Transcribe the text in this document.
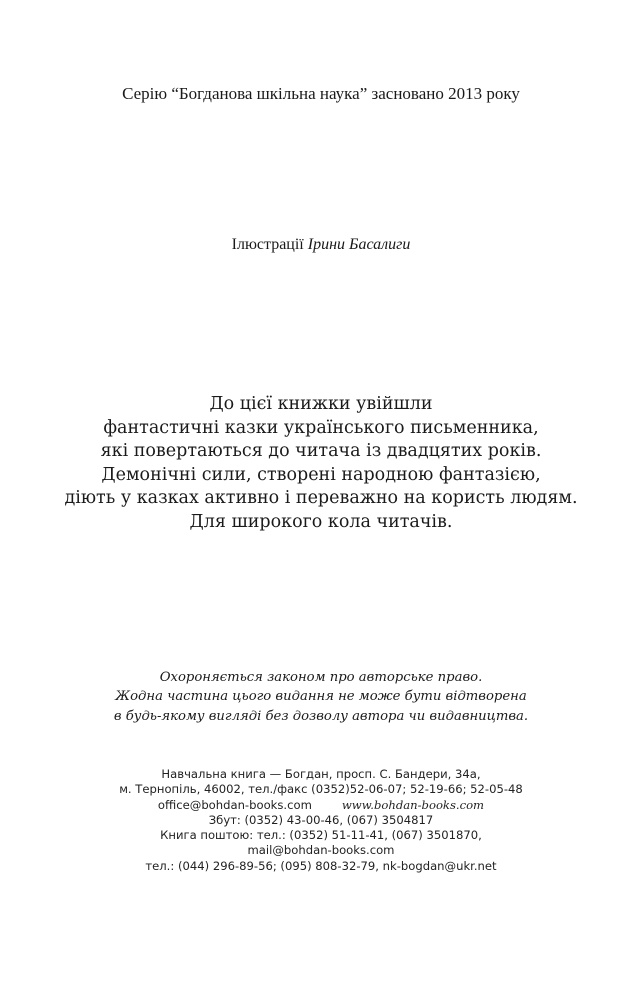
Серію “Богданова шкільна наука” засновано 2013 року
Ілюстрації Ірини Басалиги
До цієї книжки увійшли
фантастичні казки українського письменника,
які повертаються до читача із двадцятих років.
Демонічні сили, створені народною фантазією,
діють у казках активно і переважно на користь людям.
Для широкого кола читачів.
Охороняється законом про авторське право.
Жодна частина цього видання не може бути відтворена
в будь-якому вигляді без дозволу автора чи видавництва.
Навчальна книга — Богдан, просп. С. Бандери, 34а,
м. Тернопіль, 46002, тел./факс (0352)52-06-07; 52-19-66; 52-05-48
office@bohdan-books.com	www.bohdan-books.com
Збут: (0352) 43-00-46, (067) 3504817
Книга поштою: тел.: (0352) 51-11-41, (067) 3501870,
mail@bohdan-books.com
тел.: (044) 296-89-56; (095) 808-32-79, nk-bogdan@ukr.net
